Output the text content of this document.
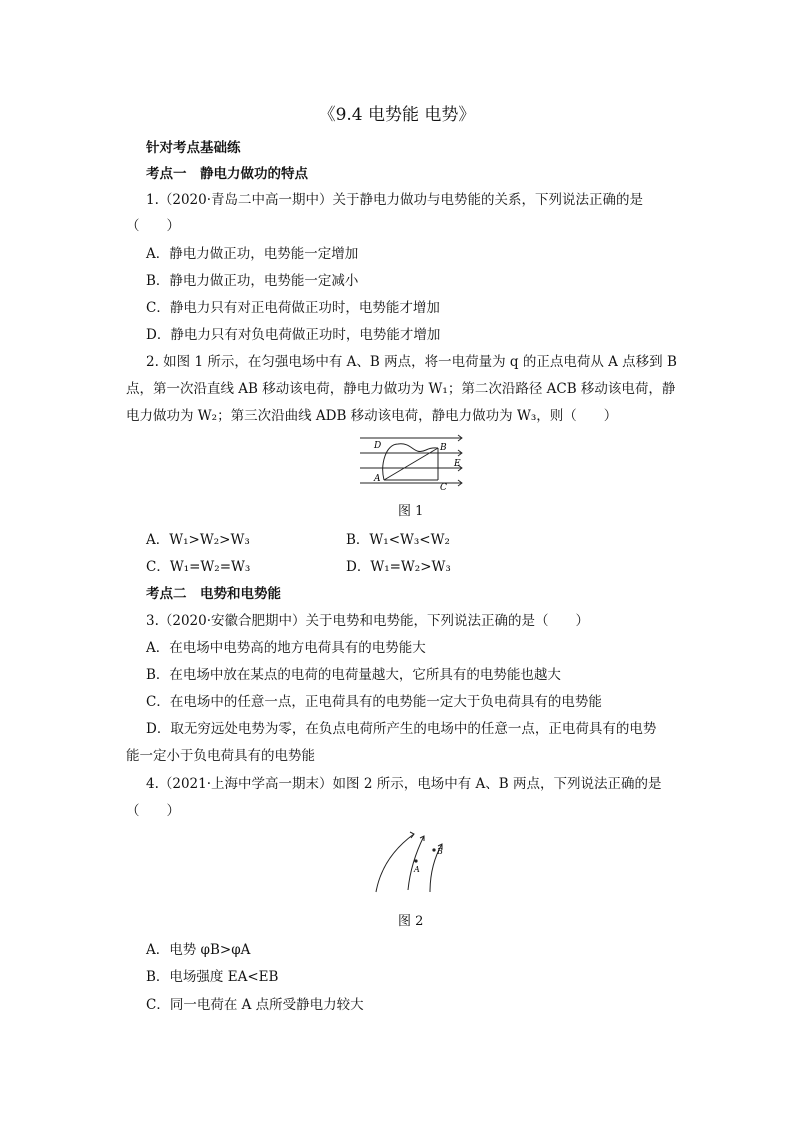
《9.4 电势能 电势》
针对考点基础练
考点一　静电力做功的特点
1.（2020·青岛二中高一期中）关于静电力做功与电势能的关系，下列说法正确的是
（　　）
A．静电力做正功，电势能一定增加
B．静电力做正功，电势能一定减小
C．静电力只有对正电荷做正功时，电势能才增加
D．静电力只有对负电荷做正功时，电势能才增加
2. 如图 1 所示，在匀强电场中有 A、B 两点，将一电荷量为 q 的正点电荷从 A 点移到 B
点，第一次沿直线 AB 移动该电荷，静电力做功为 W₁；第二次沿路径 ACB 移动该电荷，静
电力做功为 W₂；第三次沿曲线 ADB 移动该电荷，静电力做功为 W₃，则（　　）
D	B
E
A
C
图 1
A．W₁>W₂>W₃	B．W₁<W₃<W₂
C．W₁=W₂=W₃	D．W₁=W₂>W₃
考点二　电势和电势能
3.（2020·安徽合肥期中）关于电势和电势能，下列说法正确的是（　　）
A．在电场中电势高的地方电荷具有的电势能大
B．在电场中放在某点的电荷的电荷量越大，它所具有的电势能也越大
C．在电场中的任意一点，正电荷具有的电势能一定大于负电荷具有的电势能
D．取无穷远处电势为零，在负点电荷所产生的电场中的任意一点，正电荷具有的电势
能一定小于负电荷具有的电势能
4.（2021·上海中学高一期末）如图 2 所示，电场中有 A、B 两点，下列说法正确的是
（　　）
A
B
图 2
A．电势 φB>φA
B．电场强度 EA<EB
C．同一电荷在 A 点所受静电力较大
